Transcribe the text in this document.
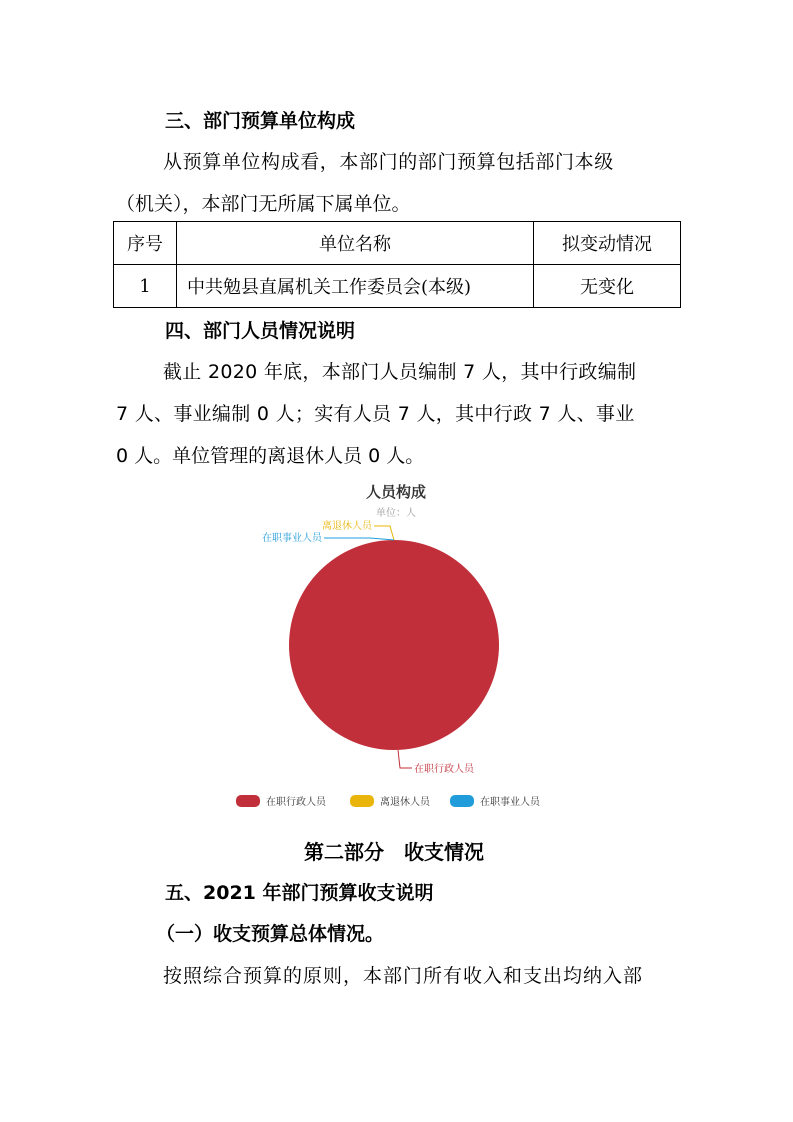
三、部门预算单位构成
从预算单位构成看，本部门的部门预算包括部门本级
（机关），本部门无所属下属单位。
序号	单位名称	拟变动情况
1	中共勉县直属机关工作委员会(本级)	无变化
四、部门人员情况说明
截止 2020 年底，本部门人员编制 7 人，其中行政编制
7 人、事业编制 0 人；实有人员 7 人，其中行政 7 人、事业
0 人。单位管理的离退休人员 0 人。
人员构成
单位：人
在职行政人员
离退休人员
在职事业人员
在职行政人员	离退休人员	在职事业人员
第二部分　收支情况
五、2021 年部门预算收支说明
（一）收支预算总体情况。
按照综合预算的原则，本部门所有收入和支出均纳入部
